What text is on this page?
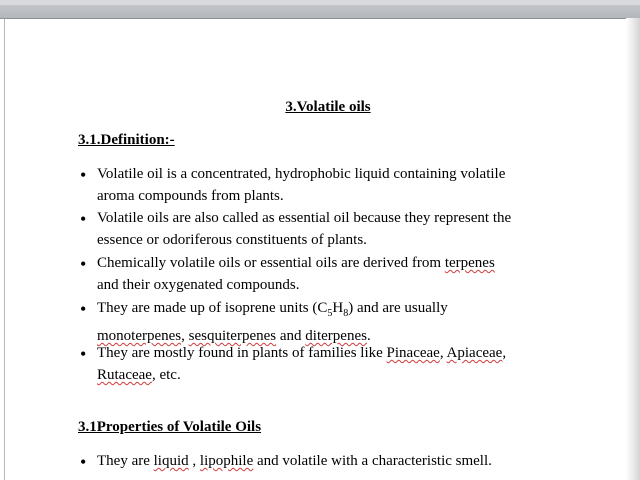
3.Volatile oils
3.1.Definition:-
• Volatile oil is a concentrated, hydrophobic liquid containing volatile
aroma compounds from plants.
• Volatile oils are also called as essential oil because they represent the
essence or odoriferous constituents of plants.
• Chemically volatile oils or essential oils are derived from terpenes
and their oxygenated compounds.
• They are made up of isoprene units $(C_5H_8)$ and are usually
monoterpenes, sesquiterpenes and diterpenes.
• They are mostly found in plants of families like Pinaceae, Apiaceae,
Rutaceae, etc.
3.1Properties of Volatile Oils
• They are liquid , lipophile and volatile with a characteristic smell.
